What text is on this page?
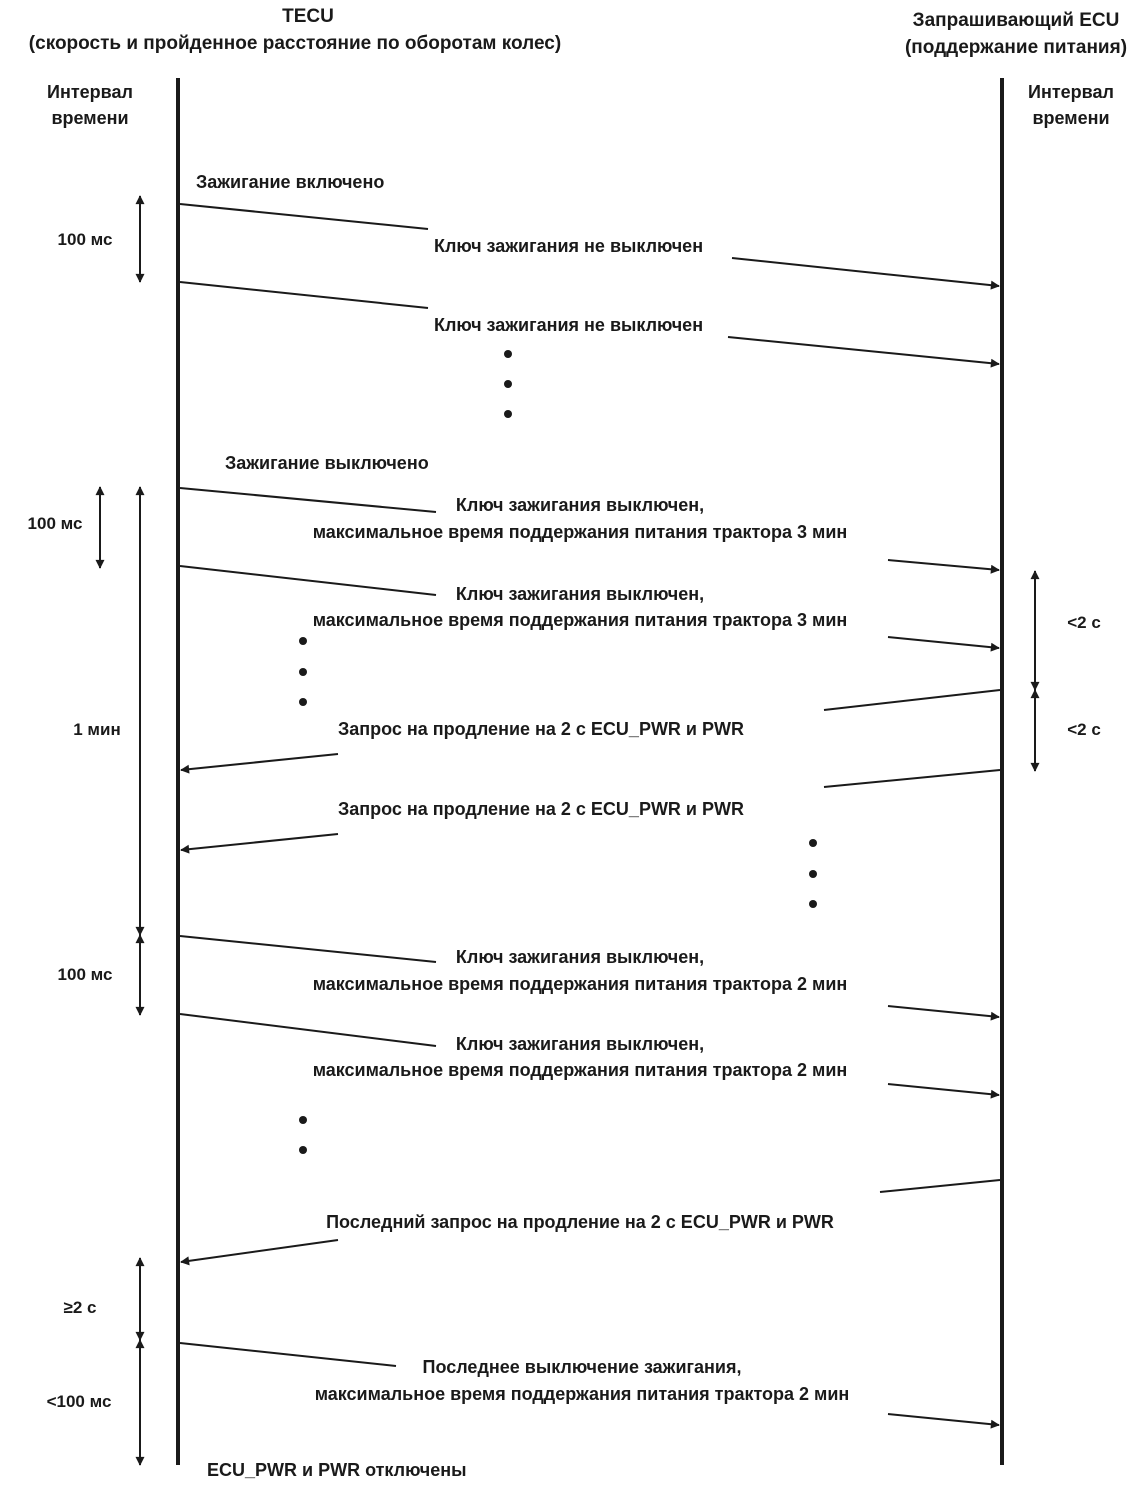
TECU
(скорость и пройденное расстояние по оборотам колес)
Запрашивающий ECU
(поддержание питания)
Интервал
времени
Интервал
времени
Зажигание включено
Зажигание выключено
ECU_PWR и PWR отключены
Ключ зажигания не выключен
Ключ зажигания не выключен
Ключ зажигания выключен,
максимальное время поддержания питания трактора 3 мин
Ключ зажигания выключен,
максимальное время поддержания питания трактора 3 мин
Запрос на продление на 2 с ECU_PWR и PWR
Запрос на продление на 2 с ECU_PWR и PWR
Ключ зажигания выключен,
максимальное время поддержания питания трактора 2 мин
Ключ зажигания выключен,
максимальное время поддержания питания трактора 2 мин
Последний запрос на продление на 2 с ECU_PWR и PWR
Последнее выключение зажигания,
максимальное время поддержания питания трактора 2 мин
100 мс
100 мс
1 мин
100 мс
≥2 с
<100 мс
<2 с
<2 с
